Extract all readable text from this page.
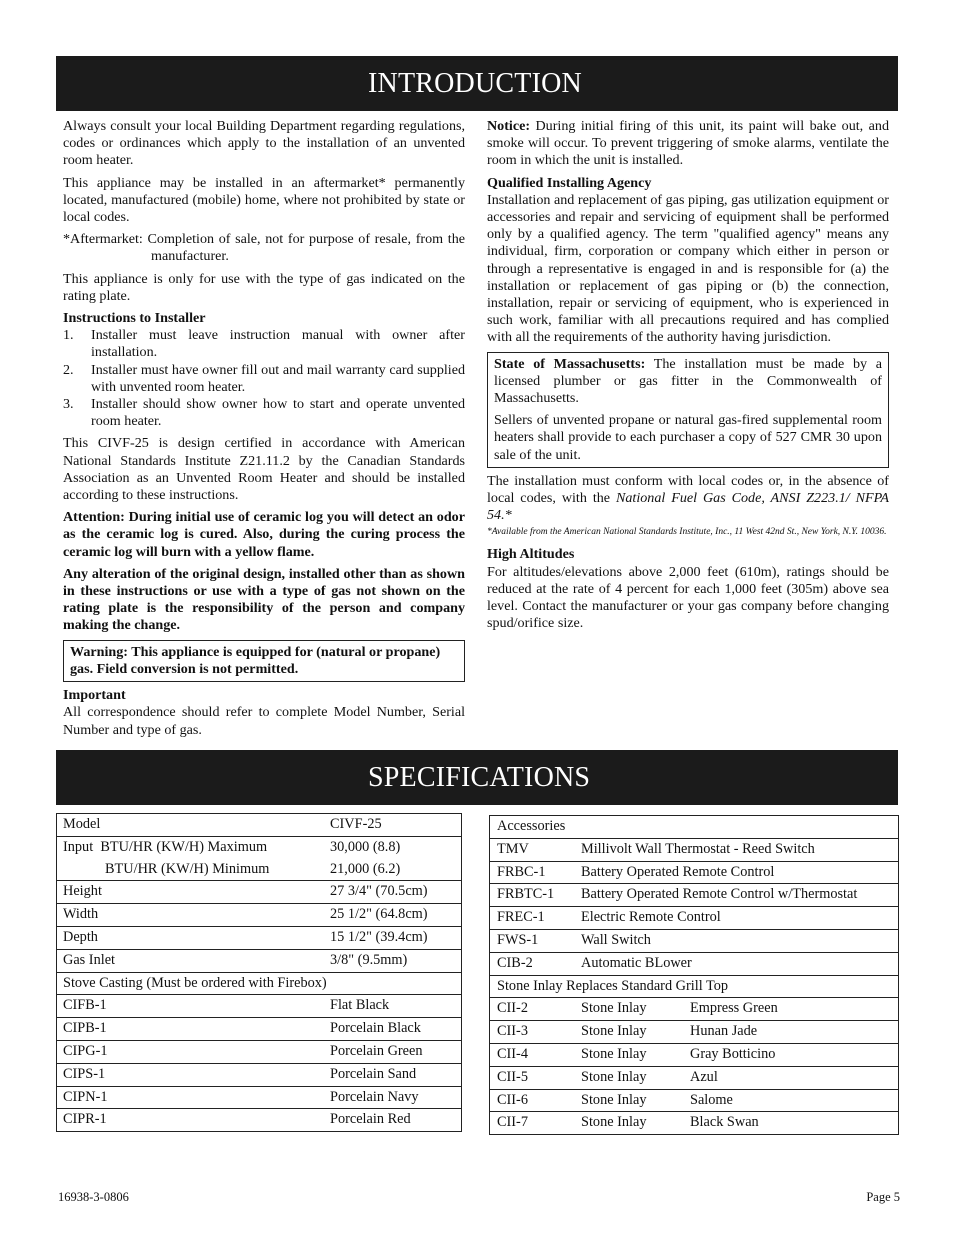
INTRODUCTION

Always consult your local Building Department regarding regulations, codes or ordinances which apply to the installation of an unvented room heater.

This appliance may be installed in an aftermarket* permanently located, manufactured (mobile) home, where not prohibited by state or local codes.

*Aftermarket: Completion of sale, not for purpose of resale, from the manufacturer.

This appliance is only for use with the type of gas indicated on the rating plate.

Instructions to Installer
1. Installer must leave instruction manual with owner after installation.
2. Installer must have owner fill out and mail warranty card supplied with unvented room heater.
3. Installer should show owner how to start and operate unvented room heater.

This CIVF-25 is design certified in accordance with American National Standards Institute Z21.11.2 by the Canadian Standards Association as an Unvented Room Heater and should be installed according to these instructions.

Attention: During initial use of ceramic log you will detect an odor as the ceramic log is cured. Also, during the curing process the ceramic log will burn with a yellow flame.

Any alteration of the original design, installed other than as shown in these instructions or use with a type of gas not shown on the rating plate is the responsibility of the person and company making the change.

Warning: This appliance is equipped for (natural or propane) gas. Field conversion is not permitted.
Important

All correspondence should refer to complete Model Number, Serial Number and type of gas.

Notice: During initial firing of this unit, its paint will bake out, and smoke will occur. To prevent triggering of smoke alarms, ventilate the room in which the unit is installed.

Qualified Installing Agency

Installation and replacement of gas piping, gas utilization equipment or accessories and repair and servicing of equipment shall be performed only by a qualified agency. The term "qualified agency" means any individual, firm, corporation or company which either in person or through a representative is engaged in and is responsible for (a) the installation or replacement of gas piping or (b) the connection, installation, repair or servicing of equipment, who is experienced in such work, familiar with all precautions required and has complied with all the requirements of the authority having jurisdiction.

State of Massachusetts: The installation must be made by a licensed plumber or gas fitter in the Commonwealth of Massachusetts.

Sellers of unvented propane or natural gas-fired supplemental room heaters shall provide to each purchaser a copy of 527 CMR 30 upon sale of the unit.

The installation must conform with local codes or, in the absence of local codes, with the National Fuel Gas Code, ANSI Z223.1/ NFPA 54.*

*Available from the American National Standards Institute, Inc., 11 West 42nd St., New York, N.Y. 10036.

High Altitudes

For altitudes/elevations above 2,000 feet (610m), ratings should be reduced at the rate of 4 percent for each 1,000 feet (305m) above sea level. Contact the manufacturer or your gas company before changing spud/orifice size.

SPECIFICATIONS
Model	CIVF-25
Input  BTU/HR (KW/H) Maximum	30,000 (8.8)
BTU/HR (KW/H) Minimum	21,000 (6.2)
Height	27 3/4" (70.5cm)
Width	25 1/2" (64.8cm)
Depth	15 1/2" (39.4cm)
Gas Inlet	3/8" (9.5mm)
Stove Casting (Must be ordered with Firebox)
CIFB-1	Flat Black
CIPB-1	Porcelain Black
CIPG-1	Porcelain Green
CIPS-1	Porcelain Sand
CIPN-1	Porcelain Navy
CIPR-1	Porcelain Red
Accessories
TMV	Millivolt Wall Thermostat - Reed Switch
FRBC-1 Battery Operated Remote Control
FRBTC-1 Battery Operated Remote Control w/Thermostat
FREC-1	Electric Remote Control
FWS-1	Wall Switch
CIB-2	Automatic BLower
Stone Inlay Replaces Standard Grill Top
CII-2	Stone Inlay	Empress Green
CII-3	Stone Inlay	Hunan Jade
CII-4	Stone Inlay	Gray Botticino
CII-5	Stone Inlay	Azul
CII-6	Stone Inlay	Salome
CII-7	Stone Inlay	Black Swan
16938-3-0806	Page 5
